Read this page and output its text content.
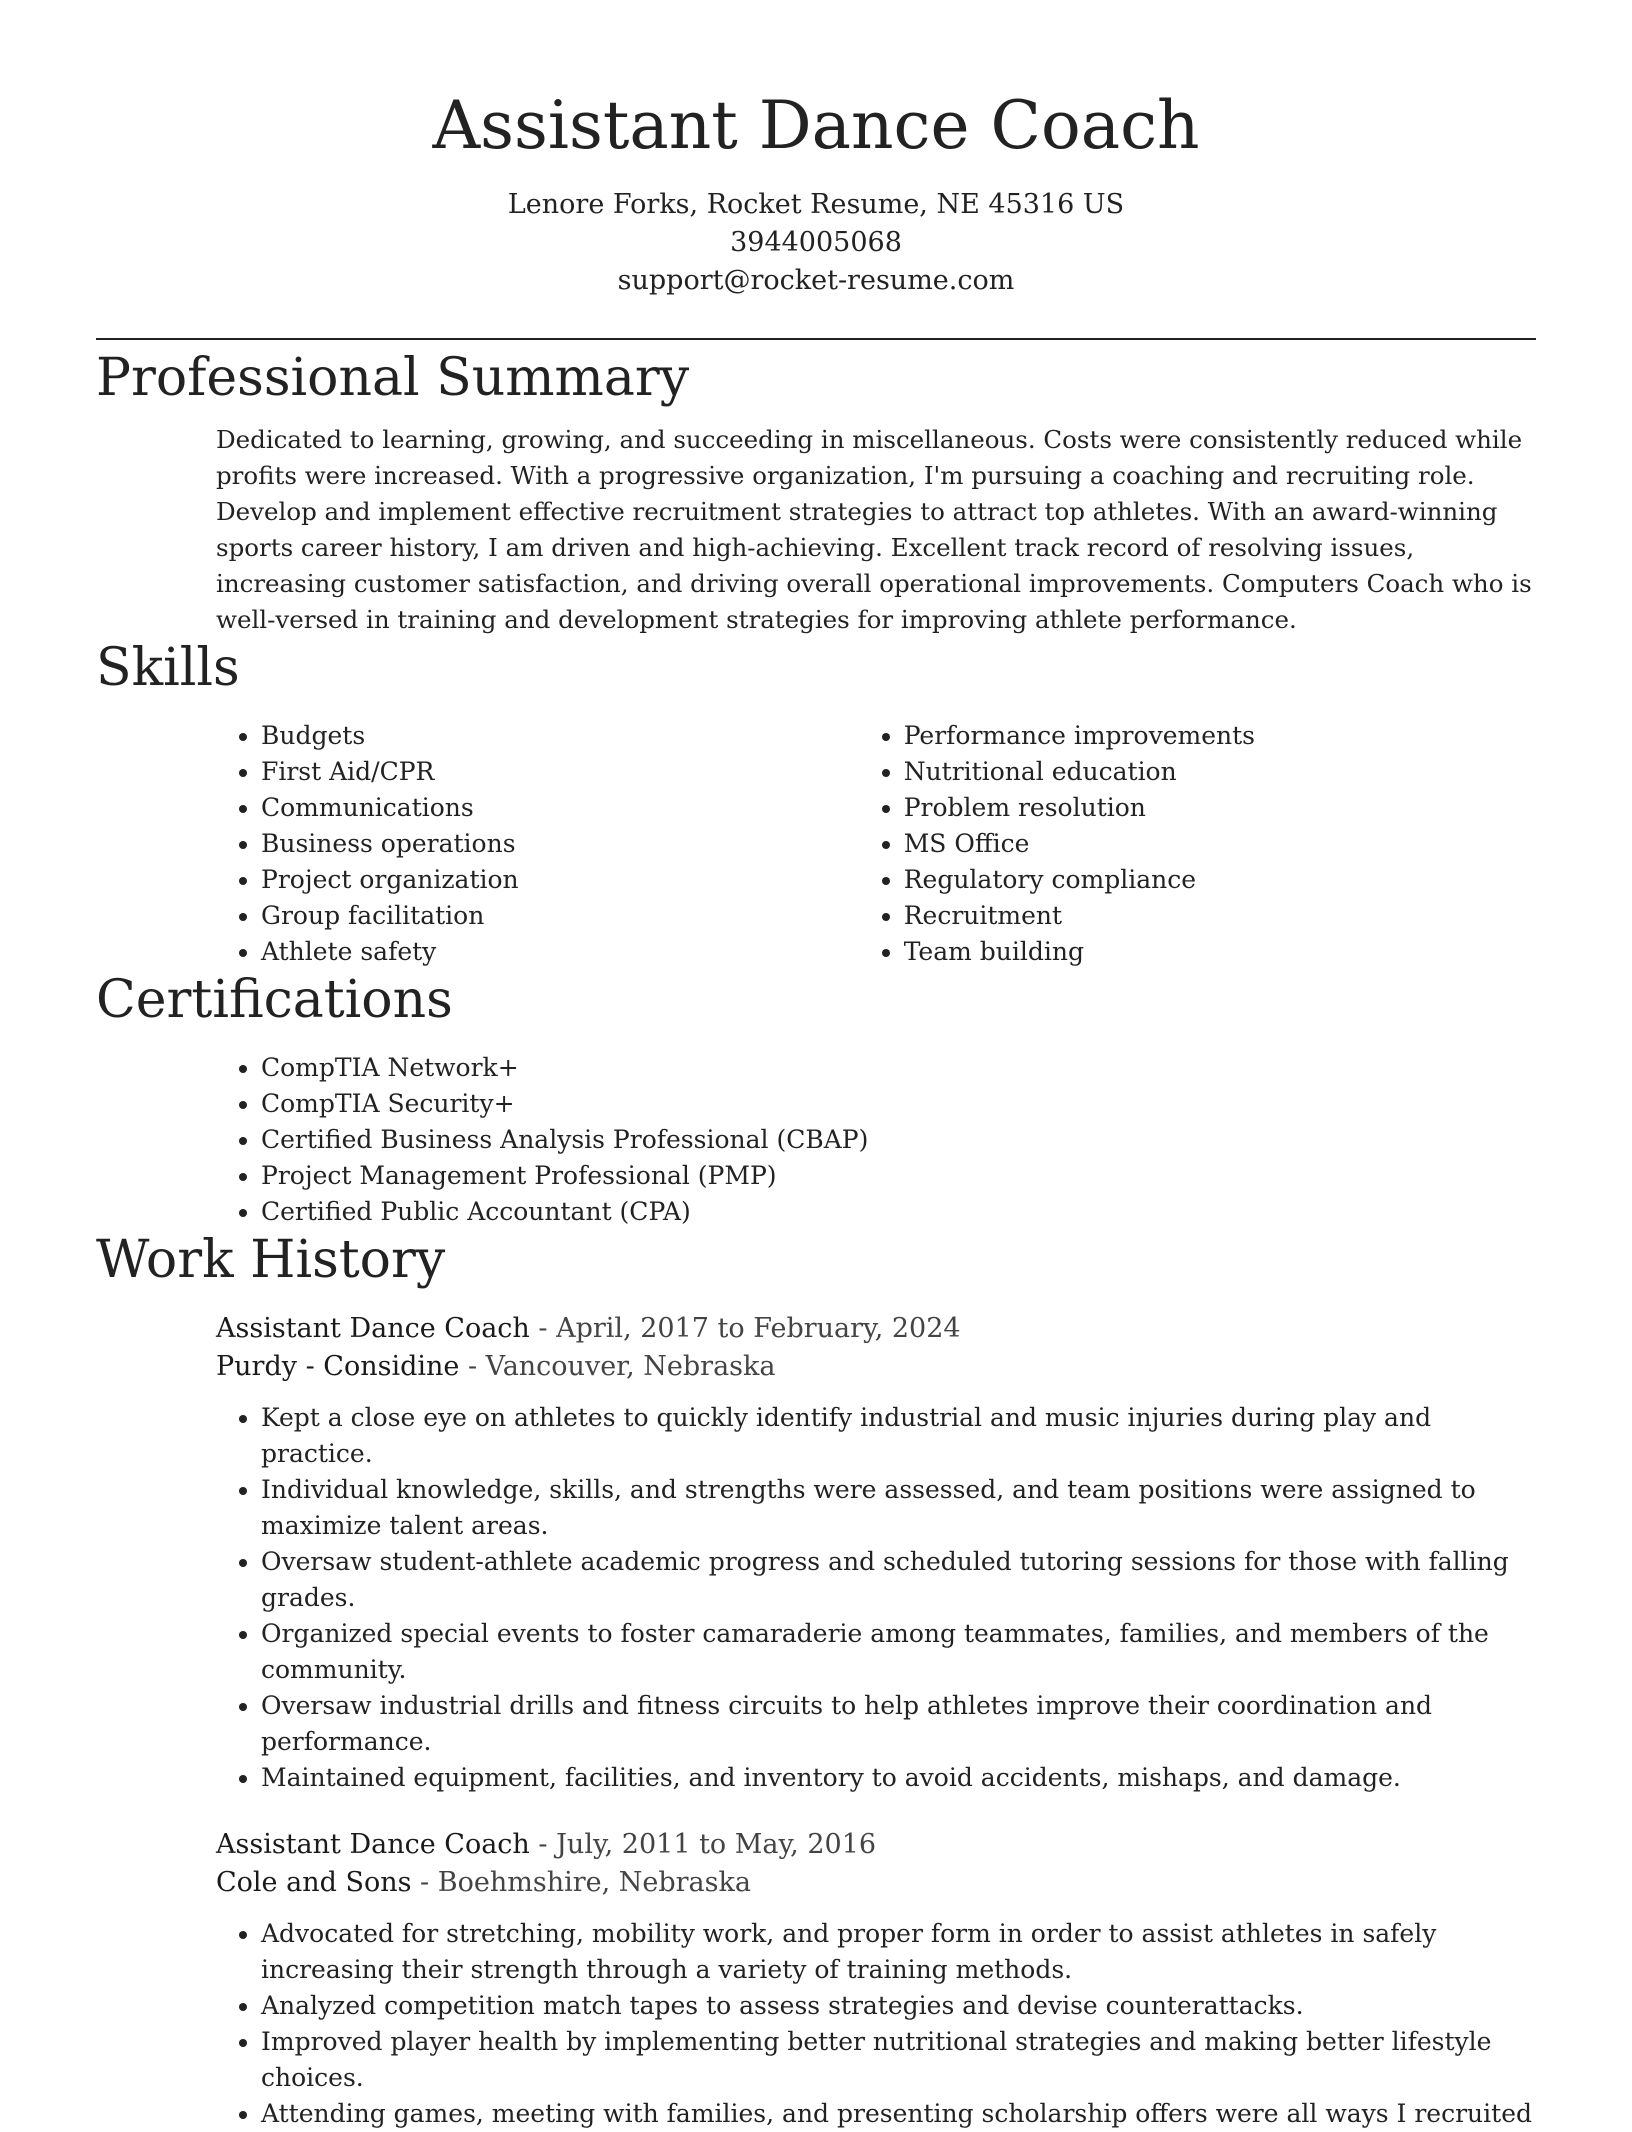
Assistant Dance Coach
Lenore Forks, Rocket Resume, NE 45316 US
3944005068
support@rocket-resume.com
Professional Summary

Dedicated to learning, growing, and succeeding in miscellaneous. Costs were consistently reduced while profits were increased. With a progressive organization, I'm pursuing a coaching and recruiting role. Develop and implement effective recruitment strategies to attract top athletes. With an award-winning sports career history, I am driven and high-achieving. Excellent track record of resolving issues, increasing customer satisfaction, and driving overall operational improvements. Computers Coach who is well-versed in training and development strategies for improving athlete performance.

Skills
• Budgets
• First Aid/CPR
• Communications
• Business operations
• Project organization
• Group facilitation
• Athlete safety
• Performance improvements
• Nutritional education
• Problem resolution
• MS Office
• Regulatory compliance
• Recruitment
• Team building
Certifications
• CompTIA Network+
• CompTIA Security+
• Certified Business Analysis Professional (CBAP)
• Project Management Professional (PMP)
• Certified Public Accountant (CPA)
Work History
Assistant Dance Coach - April, 2017 to February, 2024
Purdy - Considine - Vancouver, Nebraska
• Kept a close eye on athletes to quickly identify industrial and music injuries during play and practice.
• Individual knowledge, skills, and strengths were assessed, and team positions were assigned to maximize talent areas.
• Oversaw student-athlete academic progress and scheduled tutoring sessions for those with falling grades.
• Organized special events to foster camaraderie among teammates, families, and members of the community.
• Oversaw industrial drills and fitness circuits to help athletes improve their coordination and performance.
• Maintained equipment, facilities, and inventory to avoid accidents, mishaps, and damage.
Assistant Dance Coach - July, 2011 to May, 2016
Cole and Sons - Boehmshire, Nebraska
• Advocated for stretching, mobility work, and proper form in order to assist athletes in safely increasing their strength through a variety of training methods.
• Analyzed competition match tapes to assess strategies and devise counterattacks.
• Improved player health by implementing better nutritional strategies and making better lifestyle choices.
• Attending games, meeting with families, and presenting scholarship offers were all ways I recruited
